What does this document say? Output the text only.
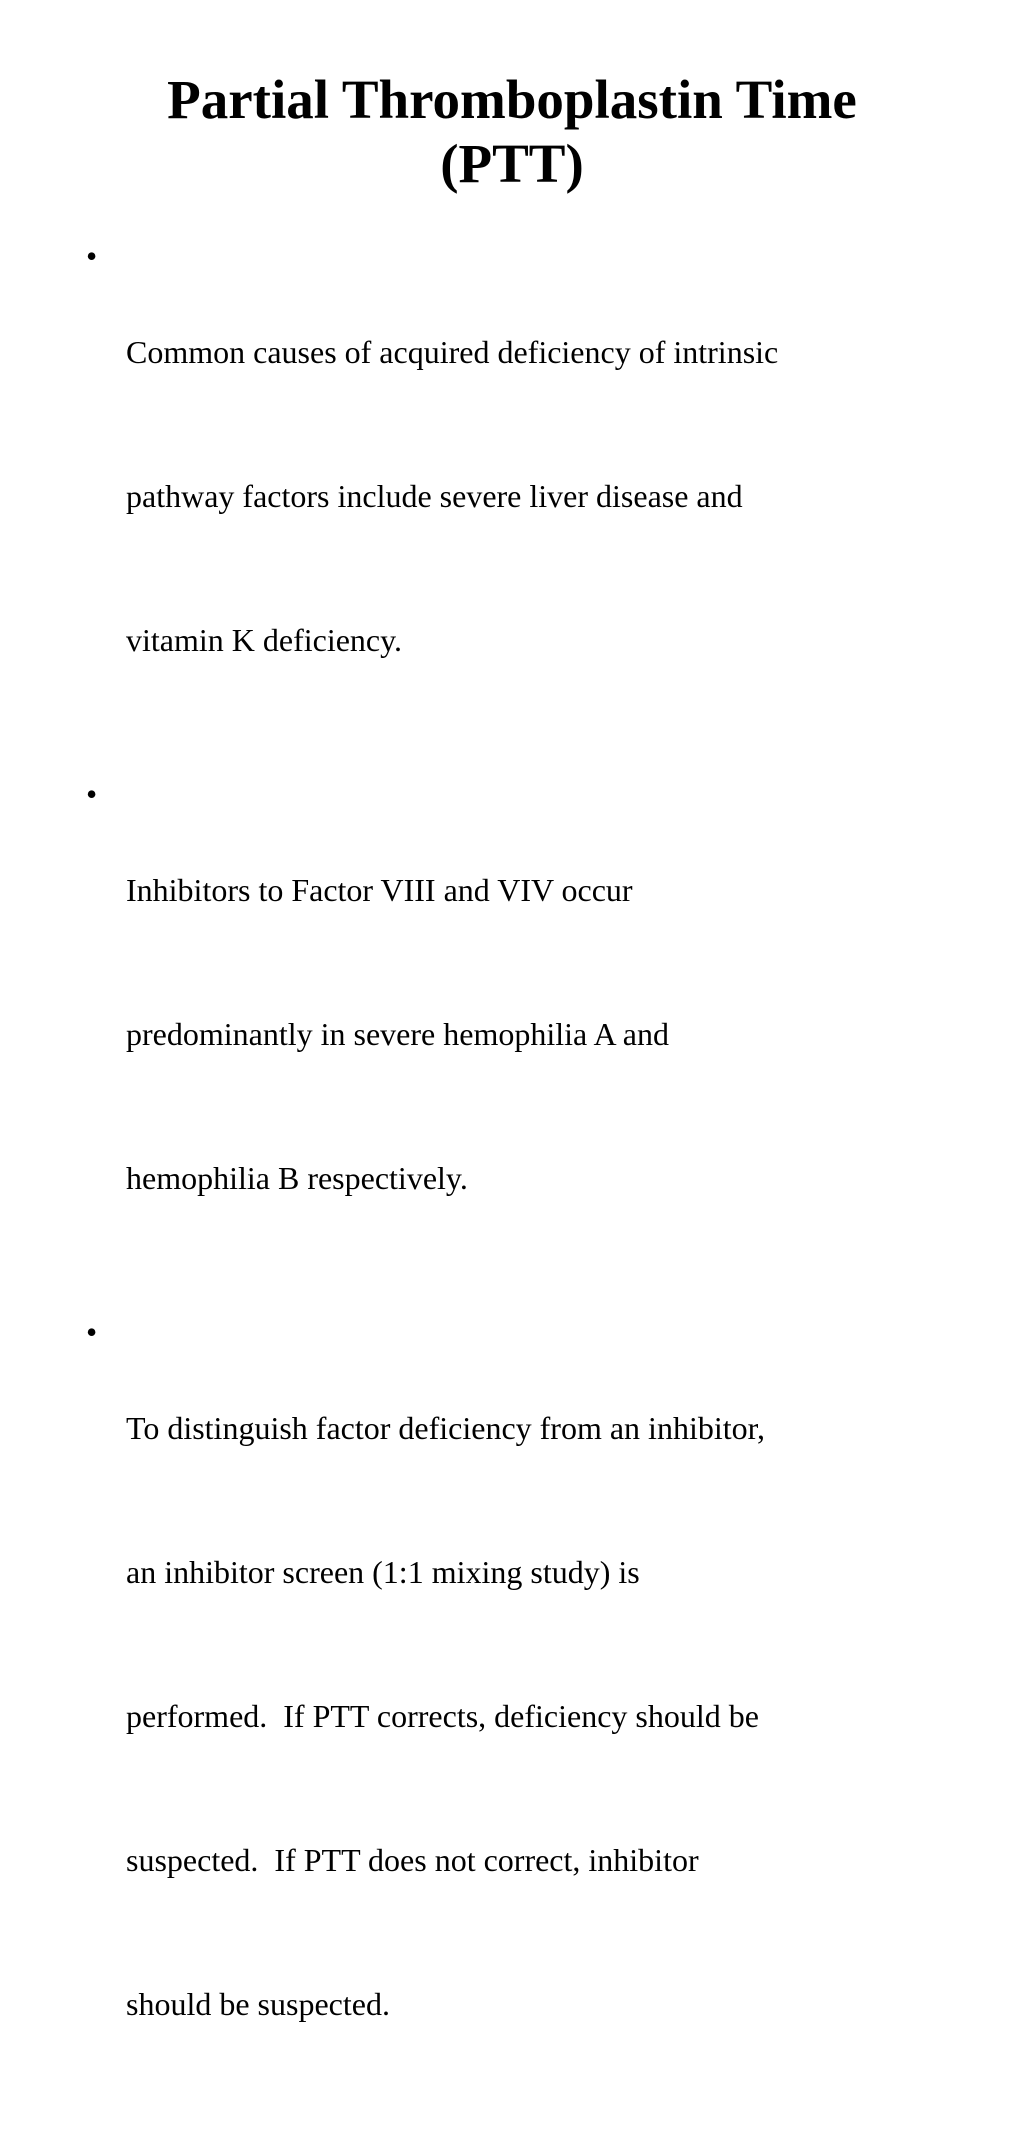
Partial Thromboplastin Time
(PTT)
•

Common causes of acquired deficiency of intrinsic

pathway factors include severe liver disease and

vitamin K deficiency.

•

Inhibitors to Factor VIII and VIV occur

predominantly in severe hemophilia A and

hemophilia B respectively.

•

To distinguish factor deficiency from an inhibitor,

an inhibitor screen (1:1 mixing study) is

performed.  If PTT corrects, deficiency should be

suspected.  If PTT does not correct, inhibitor

should be suspected.
